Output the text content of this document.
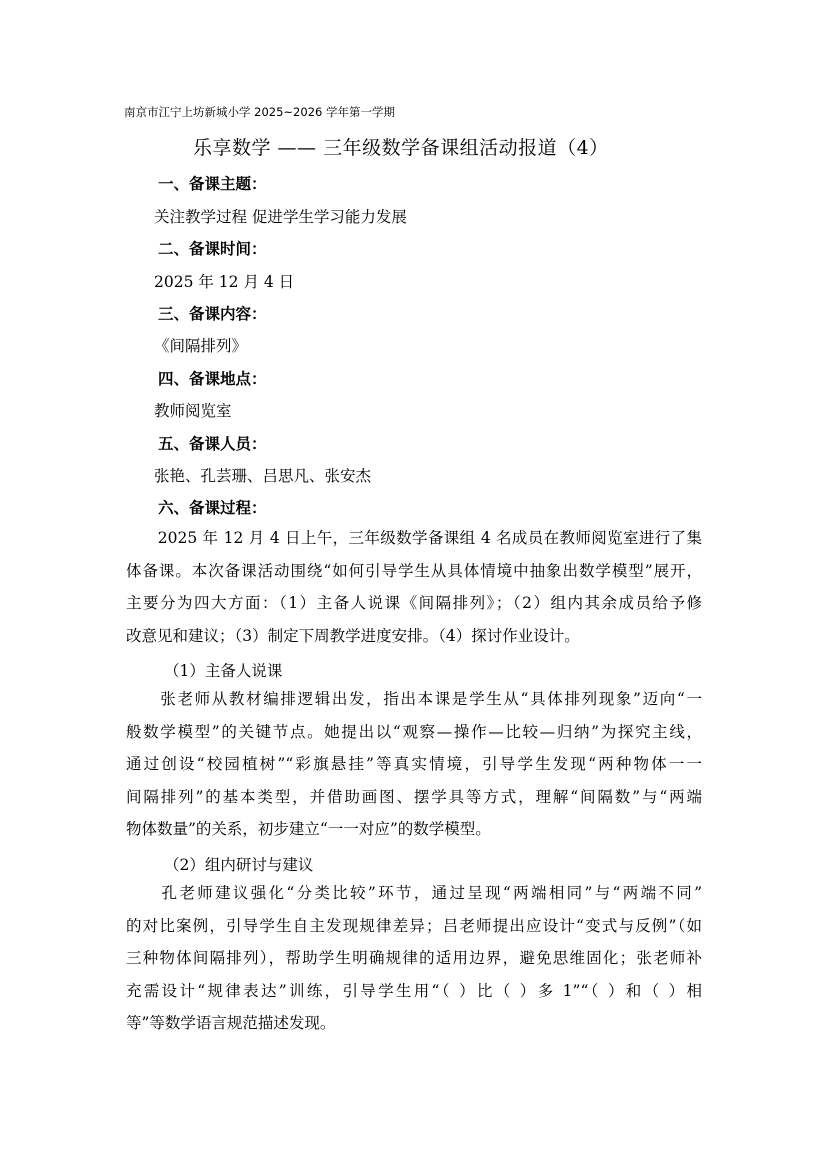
南京市江宁上坊新城小学 2025~2026 学年第一学期
乐享数学 —— 三年级数学备课组活动报道（4）
一、备课主题：
关注教学过程 促进学生学习能力发展
二、备课时间：
2025 年 12 月 4 日
三、备课内容：
《间隔排列》
四、备课地点：
教师阅览室
五、备课人员：
张艳、孔芸珊、吕思凡、张安杰
六、备课过程：
　　2025 年 12 月 4 日上午，三年级数学备课组 4 名成员在教师阅览室进行了集
体备课。本次备课活动围绕“如何引导学生从具体情境中抽象出数学模型”展开，
主要分为四大方面：（1）主备人说课《间隔排列》；（2）组内其余成员给予修
改意见和建议；（3）制定下周教学进度安排。（4）探讨作业设计。
（1）主备人说课
　　张老师从教材编排逻辑出发，指出本课是学生从“具体排列现象”迈向“一
般数学模型”的关键节点。她提出以“观察—操作—比较—归纳”为探究主线，
通过创设“校园植树”“彩旗悬挂”等真实情境，引导学生发现“两种物体一一
间隔排列”的基本类型，并借助画图、摆学具等方式，理解“间隔数”与“两端
物体数量”的关系，初步建立“一一对应”的数学模型。
（2）组内研讨与建议
　　孔老师建议强化“分类比较”环节，通过呈现“两端相同”与“两端不同”
的对比案例，引导学生自主发现规律差异；吕老师提出应设计“变式与反例”（如
三种物体间隔排列），帮助学生明确规律的适用边界，避免思维固化；张老师补
充需设计“规律表达”训练，引导学生用“（ ）比（ ）多 1”“（ ）和（ ）相
等”等数学语言规范描述发现。
